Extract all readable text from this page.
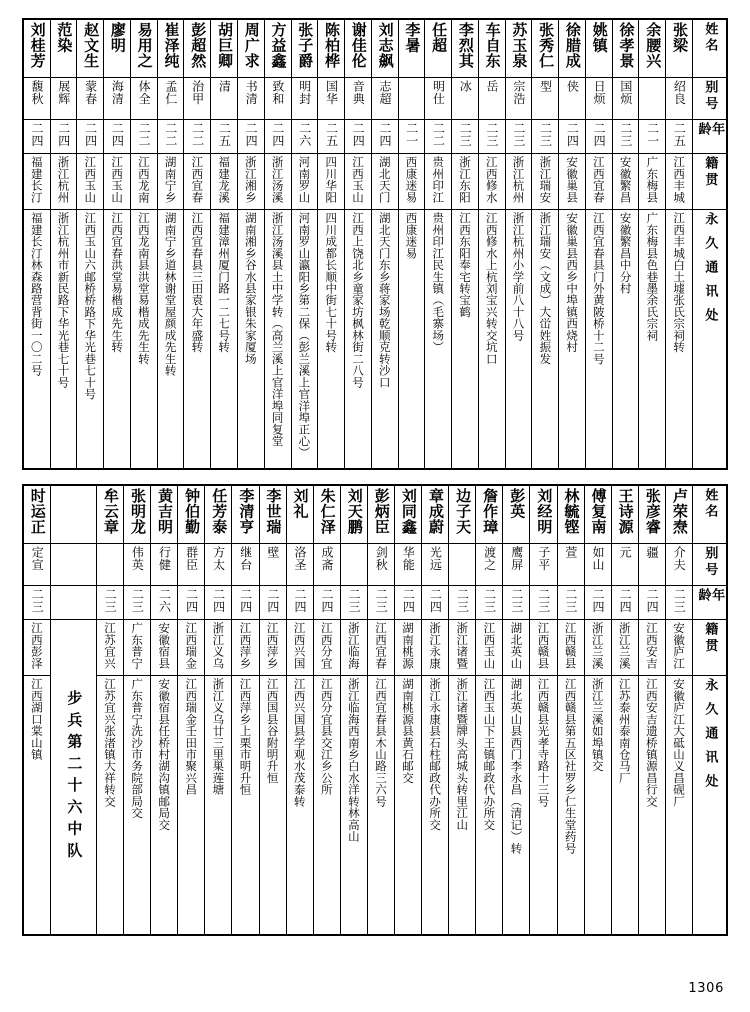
姓名
别号
年龄
籍贯
永久通讯处
张梁
绍良
二五
江西丰城
江西丰城白土墟张氏宗祠转
余腰兴
二一
广东梅县
广东梅县色巷墨余氏宗祠
徐孝景
国烦
二三
安徽繁昌
安徽繁昌中分村
姚镇
日烦
二四
江西宜春
江西宜春县门外黄陂桥十二号
徐腊成
侠
二四
安徽巢县
安徽巢县西乡中埠镇西烧村
张秀仁
型
二三
浙江瑞安
浙江瑞安（文成）大峃姓振发
苏玉泉
宗浩
二三
浙江杭州
浙江杭州小学前八十八号
车自东
岳
二三
江西修水
江西修水上杭刘宝兴转交坑口
李烈其
冰
二三
浙江东阳
江西东阳奉宅转宝鹤
任超
明仕
二二
贵州印江
贵州印江民生镇（毛寨场）
李暑
二一
西康迷易
西康迷易
刘志飙
志超
二四
湖北天门
湖北天门东乡蒋家场乾顺克转沙口
谢佳伦
音典
二四
江西玉山
江西上饶北乡童家坊枫林街二八号
陈柏桦
国华
二五
四川华阳
四川成都长顺中街七十号转
张子爵
明封
二六
河南罗山
河南罗山瀛阳乡第二保（彭兰溪上官洋埠正心）
方益鑫
致和
二四
浙江汤溪
浙江汤溪县土中学转（高兰溪上官洋埠同复堂
周广求
书清
二四
浙江湘乡
湖南湘乡谷水县家银朱家厦场
胡巨卿
清
二五
福建龙溪
福建漳州厦门路一二七号转
彭超然
治甲
二二
江西宜春
江西宜春县三田袁大年盛转
崔泽纯
孟仁
二二
湖南宁乡
湖南宁乡道林谢堂屋颜成先生转
易用之
体全
二二
江西龙南
江西龙南县洪堂易楷成先生转
廖明
海清
二四
江西玉山
江西宜春洪堂易楷成先生转
赵文生
蒙春
二四
江西玉山
江西玉山六邮桥桥路下华光巷七十号
范染
展辉
二四
浙江杭州
浙江杭州市新民路下华光巷七十号
刘桂芳
馥秋
二四
福建长汀
福建长汀林森路营背街一〇二号
姓名
别号
年龄
籍贯
永久通讯处
卢荣焘
介夫
二三
安徽庐江
安徽庐江大砥山义昌砚厂
张彦睿
疆
二四
江西安吉
江西安吉遗桥镇源昌行交
王诗源
元
二四
浙江兰溪
江苏泰州泰南仓马厂
傅复南
如山
二四
浙江兰溪
浙江兰溪如埠镇交
林毓铿
萱
二三
江西赣县
江西赣县第五区社罗乡仁生堂药号
刘经明
子平
二三
江西赣县
江西赣县光孝寺路十三号
彭英
鹰屏
二三
湖北英山
湖北英山县西门李永昌（清记）转
詹作璋
渡之
二三
江西玉山
江西玉山下王镇邮政代办所交
边子天
二三
浙江诸暨
浙江诸暨牌头高城头转里江山
章成蔚
光远
二四
浙江永康
浙江永康县石柱邮政代办所交
刘同鑫
华能
二四
湖南桃源
湖南桃源县黄石邮交
彭炳臣
剑秋
二三
江西宜春
江西宜春县木山路三六号
刘天鹏
二三
浙江临海
浙江临海西南乡白水洋转林高山
朱仁泽
成斋
二四
江西分宜
江西分宜县交江乡公所
刘礼
洛圣
二四
江西兴国
江西兴国县学观水茂泰转
李世瑞
壁
二四
江西萍乡
江西国县谷附明升恒
李清亨
继台
二四
江西萍乡
江西萍乡上栗市明升恒
任芳泰
方太
二四
浙江义乌
浙江义乌廿三里巣莲塘
钟伯勤
群臣
二四
江西瑞金
江西瑞金壬田市聚兴昌
黄吉明
行健
二六
安徽宿县
安徽宿县任桥村湖沟镇邮局交
张明龙
伟英
二三
广东普宁
广东普宁洗沙市务院部局交
牟云章
二三
江苏宜兴
江苏宜兴张渚镇大祥转交
步兵第二十六中队
时运正
定宣
二三
江西彭泽
江西湖口棠山镇
1306
